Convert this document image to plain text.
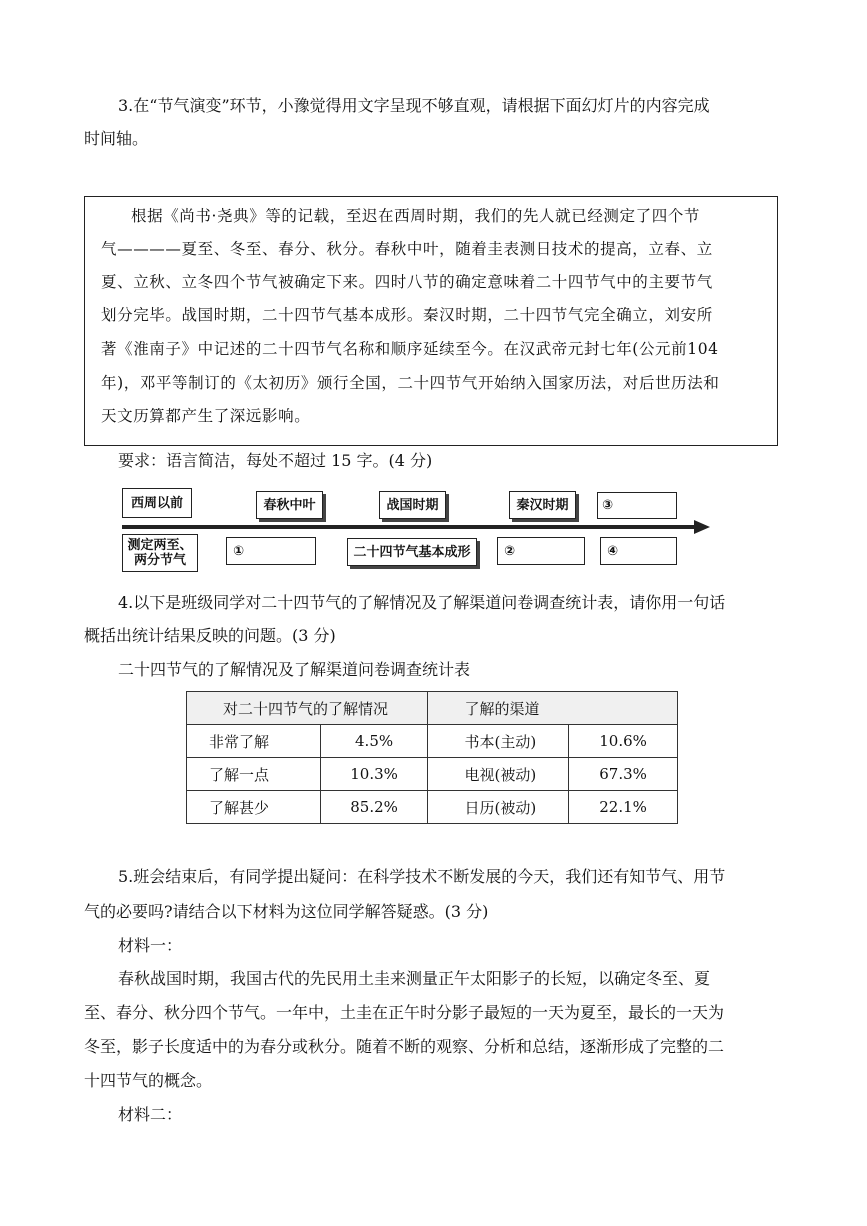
3.在“节气演变”环节，小豫觉得用文字呈现不够直观，请根据下面幻灯片的内容完成
时间轴。
根据《尚书·尧典》等的记载，至迟在西周时期，我们的先人就已经测定了四个节
气————夏至、冬至、春分、秋分。春秋中叶，随着圭表测日技术的提高，立春、立
夏、立秋、立冬四个节气被确定下来。四时八节的确定意味着二十四节气中的主要节气
划分完毕。战国时期，二十四节气基本成形。秦汉时期，二十四节气完全确立，刘安所
著《淮南子》中记述的二十四节气名称和顺序延续至今。在汉武帝元封七年(公元前104
年)，邓平等制订的《太初历》颁行全国，二十四节气开始纳入国家历法，对后世历法和
天文历算都产生了深远影响。
要求：语言简洁，每处不超过 15 字。(4 分)
西周以前	春秋中叶	战国时期	秦汉时期	③
测定两至、
两分节气
①	二十四节气基本成形	②	④
4.以下是班级同学对二十四节气的了解情况及了解渠道问卷调查统计表，请你用一句话
概括出统计结果反映的问题。(3 分)
二十四节气的了解情况及了解渠道问卷调查统计表
对二十四节气的了解情况		了解的渠道	
非常了解	4.5%	书本(主动)	10.6%
了解一点	10.3%	电视(被动)	67.3%
了解甚少	85.2%	日历(被动)	22.1%
5.班会结束后，有同学提出疑问：在科学技术不断发展的今天，我们还有知节气、用节
气的必要吗?请结合以下材料为这位同学解答疑惑。(3 分)
材料一：
春秋战国时期，我国古代的先民用土圭来测量正午太阳影子的长短，以确定冬至、夏
至、春分、秋分四个节气。一年中，土圭在正午时分影子最短的一天为夏至，最长的一天为
冬至，影子长度适中的为春分或秋分。随着不断的观察、分析和总结，逐渐形成了完整的二
十四节气的概念。
材料二：
